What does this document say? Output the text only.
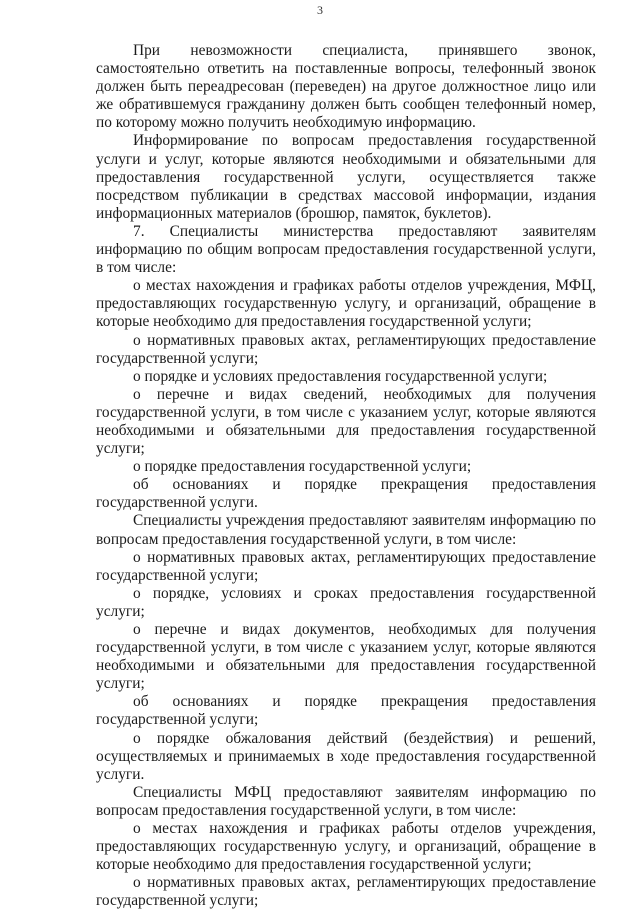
3

При невозможности специалиста, принявшего звонок, самостоятельно ответить на поставленные вопросы, телефонный звонок должен быть переадресован (переведен) на другое должностное лицо или же обратившемуся гражданину должен быть сообщен телефонный номер, по которому можно получить необходимую информацию.

Информирование по вопросам предоставления государственной услуги и услуг, которые являются необходимыми и обязательными для предоставления государственной услуги, осуществляется также посредством публикации в средствах массовой информации, издания информационных материалов (брошюр, памяток, буклетов).

7. Специалисты министерства предоставляют заявителям информацию по общим вопросам предоставления государственной услуги, в том числе:

о местах нахождения и графиках работы отделов учреждения, МФЦ, предоставляющих государственную услугу, и организаций, обращение в которые необходимо для предоставления государственной услуги;

о нормативных правовых актах, регламентирующих предоставление государственной услуги;

о порядке и условиях предоставления государственной услуги;

о перечне и видах сведений, необходимых для получения государственной услуги, в том числе с указанием услуг, которые являются необходимыми и обязательными для предоставления государственной услуги;

о порядке предоставления государственной услуги;

об основаниях и порядке прекращения предоставления государственной услуги.

Специалисты учреждения предоставляют заявителям информацию по вопросам предоставления государственной услуги, в том числе:

о нормативных правовых актах, регламентирующих предоставление государственной услуги;

о порядке, условиях и сроках предоставления государственной услуги;

о перечне и видах документов, необходимых для получения государственной услуги, в том числе с указанием услуг, которые являются необходимыми и обязательными для предоставления государственной услуги;

об основаниях и порядке прекращения предоставления государственной услуги;

о порядке обжалования действий (бездействия) и решений, осуществляемых и принимаемых в ходе предоставления государственной услуги.

Специалисты МФЦ предоставляют заявителям информацию по вопросам предоставления государственной услуги, в том числе:

о местах нахождения и графиках работы отделов учреждения, предоставляющих государственную услугу, и организаций, обращение в которые необходимо для предоставления государственной услуги;

о нормативных правовых актах, регламентирующих предоставление государственной услуги;
